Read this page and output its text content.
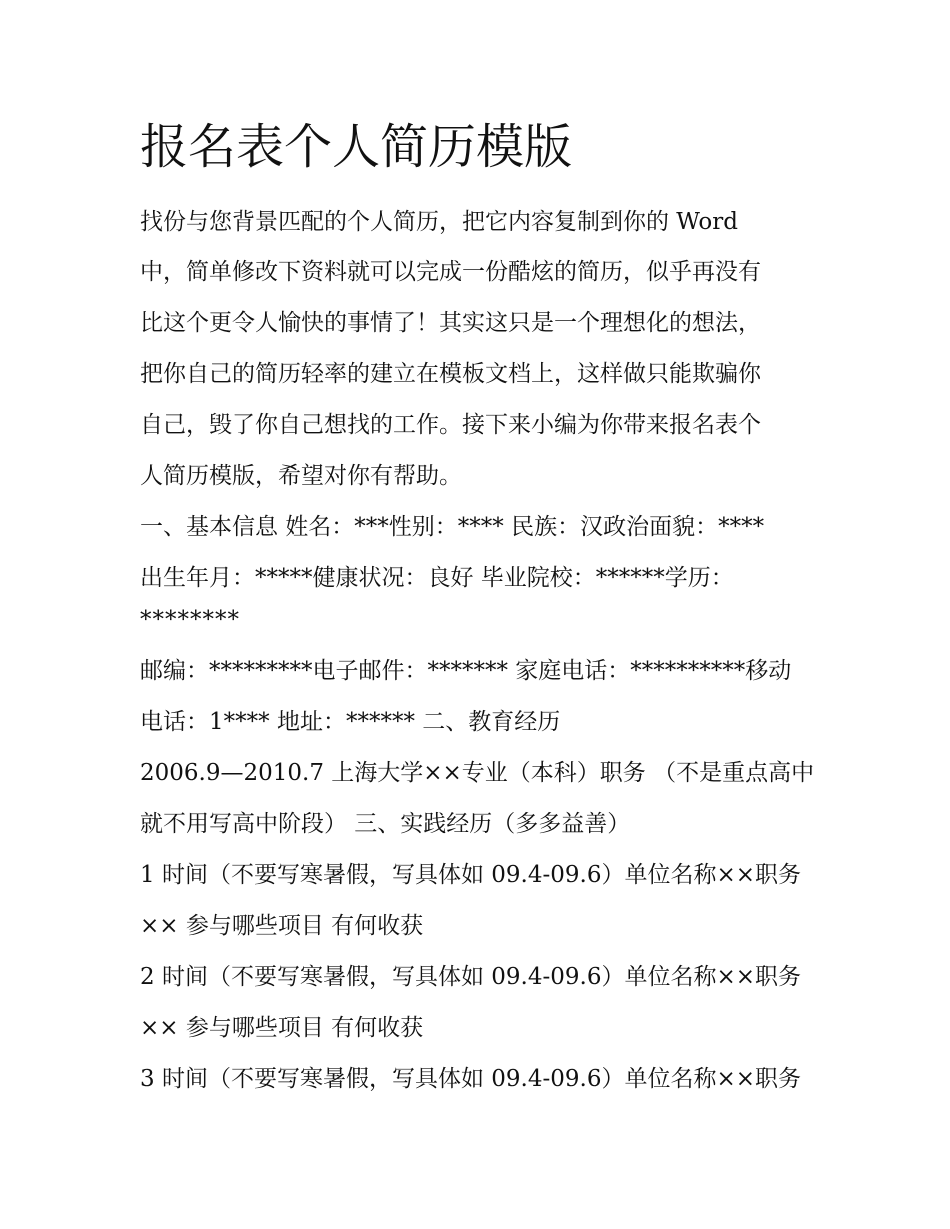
报名表个人简历模版

找份与您背景匹配的个人简历，把它内容复制到你的 Word

中，简单修改下资料就可以完成一份酷炫的简历，似乎再没有

比这个更令人愉快的事情了！其实这只是一个理想化的想法，

把你自己的简历轻率的建立在模板文档上，这样做只能欺骗你

自己，毁了你自己想找的工作。接下来小编为你带来报名表个

人简历模版，希望对你有帮助。

一、基本信息 姓名：***性别：**** 民族：汉政治面貌：****

出生年月：*****健康状况：良好 毕业院校：******学历：

********

邮编：*********电子邮件：******* 家庭电话：**********移动

电话：1**** 地址：****** 二、教育经历

2006.9—2010.7 上海大学××专业（本科）职务 （不是重点高中

就不用写高中阶段） 三、实践经历（多多益善）

1 时间（不要写寒暑假，写具体如 09.4-09.6）单位名称××职务

×× 参与哪些项目 有何收获

2 时间（不要写寒暑假，写具体如 09.4-09.6）单位名称××职务

×× 参与哪些项目 有何收获

3 时间（不要写寒暑假，写具体如 09.4-09.6）单位名称××职务
